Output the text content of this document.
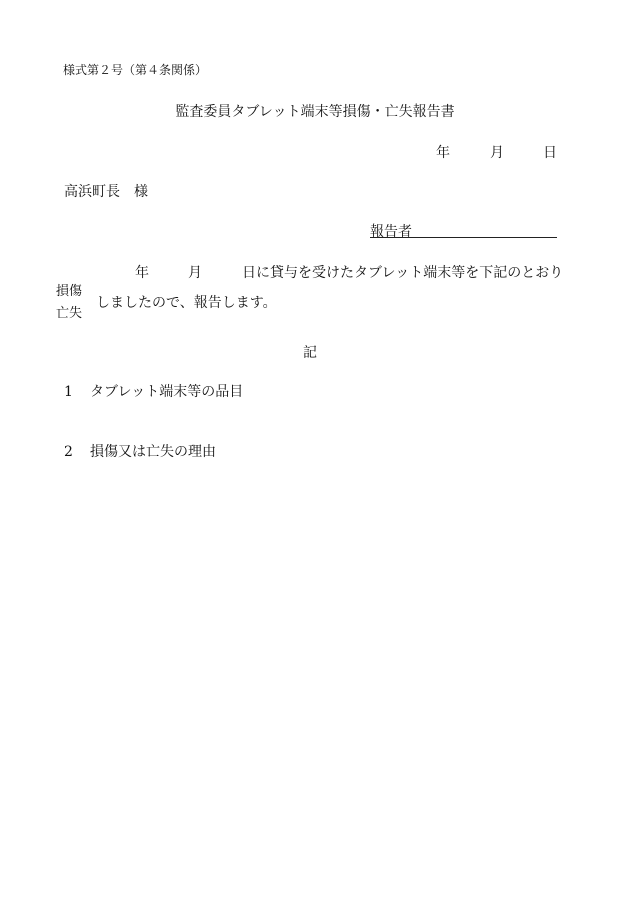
様式第２号（第４条関係）
監査委員タブレット端末等損傷・亡失報告書
年	月	日
高浜町長　様
報告者
年	月	日に貸与を受けたタブレット端末等を下記のとおり
損傷
亡失
しましたので、報告します。
記
1 タブレット端末等の品目
2 損傷又は亡失の理由
